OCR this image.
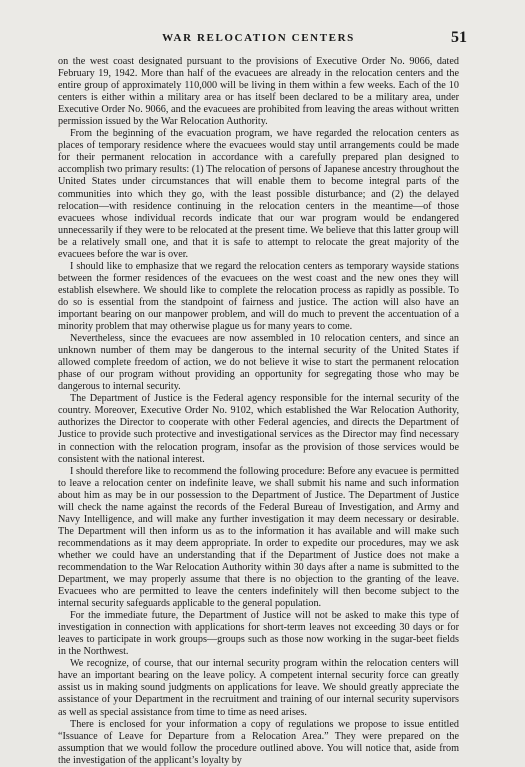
WAR RELOCATION CENTERS	51

on the west coast designated pursuant to the provisions of Executive Order No. 9066, dated February 19, 1942. More than half of the evacuees are already in the relocation centers and the entire group of approximately 110,000 will be living in them within a few weeks. Each of the 10 centers is either within a military area or has itself been declared to be a military area, under Executive Order No. 9066, and the evacuees are prohibited from leaving the areas without written permission issued by the War Relocation Authority.

From the beginning of the evacuation program, we have regarded the relocation centers as places of temporary residence where the evacuees would stay until arrangements could be made for their permanent relocation in accordance with a carefully prepared plan designed to accomplish two primary results: (1) The relocation of persons of Japanese ancestry throughout the United States under circumstances that will enable them to become integral parts of the communities into which they go, with the least possible disturbance; and (2) the delayed relocation—with residence continuing in the relocation centers in the meantime—of those evacuees whose individual records indicate that our war program would be endangered unnecessarily if they were to be relocated at the present time. We believe that this latter group will be a relatively small one, and that it is safe to attempt to relocate the great majority of the evacuees before the war is over.

I should like to emphasize that we regard the relocation centers as temporary wayside stations between the former residences of the evacuees on the west coast and the new ones they will establish elsewhere. We should like to complete the relocation process as rapidly as possible. To do so is essential from the standpoint of fairness and justice. The action will also have an important bearing on our manpower problem, and will do much to prevent the accentuation of a minority problem that may otherwise plague us for many years to come.

Nevertheless, since the evacuees are now assembled in 10 relocation centers, and since an unknown number of them may be dangerous to the internal security of the United States if allowed complete freedom of action, we do not believe it wise to start the permanent relocation phase of our program without providing an opportunity for segregating those who may be dangerous to internal security.

The Department of Justice is the Federal agency responsible for the internal security of the country. Moreover, Executive Order No. 9102, which established the War Relocation Authority, authorizes the Director to cooperate with other Federal agencies, and directs the Department of Justice to provide such protective and investigational services as the Director may find necessary in connection with the relocation program, insofar as the provision of those services would be consistent with the national interest.

I should therefore like to recommend the following procedure: Before any evacuee is permitted to leave a relocation center on indefinite leave, we shall submit his name and such information about him as may be in our possession to the Department of Justice. The Department of Justice will check the name against the records of the Federal Bureau of Investigation, and Army and Navy Intelligence, and will make any further investigation it may deem necessary or desirable. The Department will then inform us as to the information it has available and will make such recommendations as it may deem appropriate. In order to expedite our procedures, may we ask whether we could have an understanding that if the Department of Justice does not make a recommendation to the War Relocation Authority within 30 days after a name is submitted to the Department, we may properly assume that there is no objection to the granting of the leave. Evacuees who are permitted to leave the centers indefinitely will then become subject to the internal security safeguards applicable to the general population.

For the immediate future, the Department of Justice will not be asked to make this type of investigation in connection with applications for short-term leaves not exceeding 30 days or for leaves to participate in work groups—groups such as those now working in the sugar-beet fields in the Northwest.

We recognize, of course, that our internal security program within the relocation centers will have an important bearing on the leave policy. A competent internal security force can greatly assist us in making sound judgments on applications for leave. We should greatly appreciate the assistance of your Department in the recruitment and training of our internal security supervisors as well as special assistance from time to time as need arises.

There is enclosed for your information a copy of regulations we propose to issue entitled “Issuance of Leave for Departure from a Relocation Area.” They were prepared on the assumption that we would follow the procedure outlined above. You will notice that, aside from the investigation of the applicant’s loyalty by
